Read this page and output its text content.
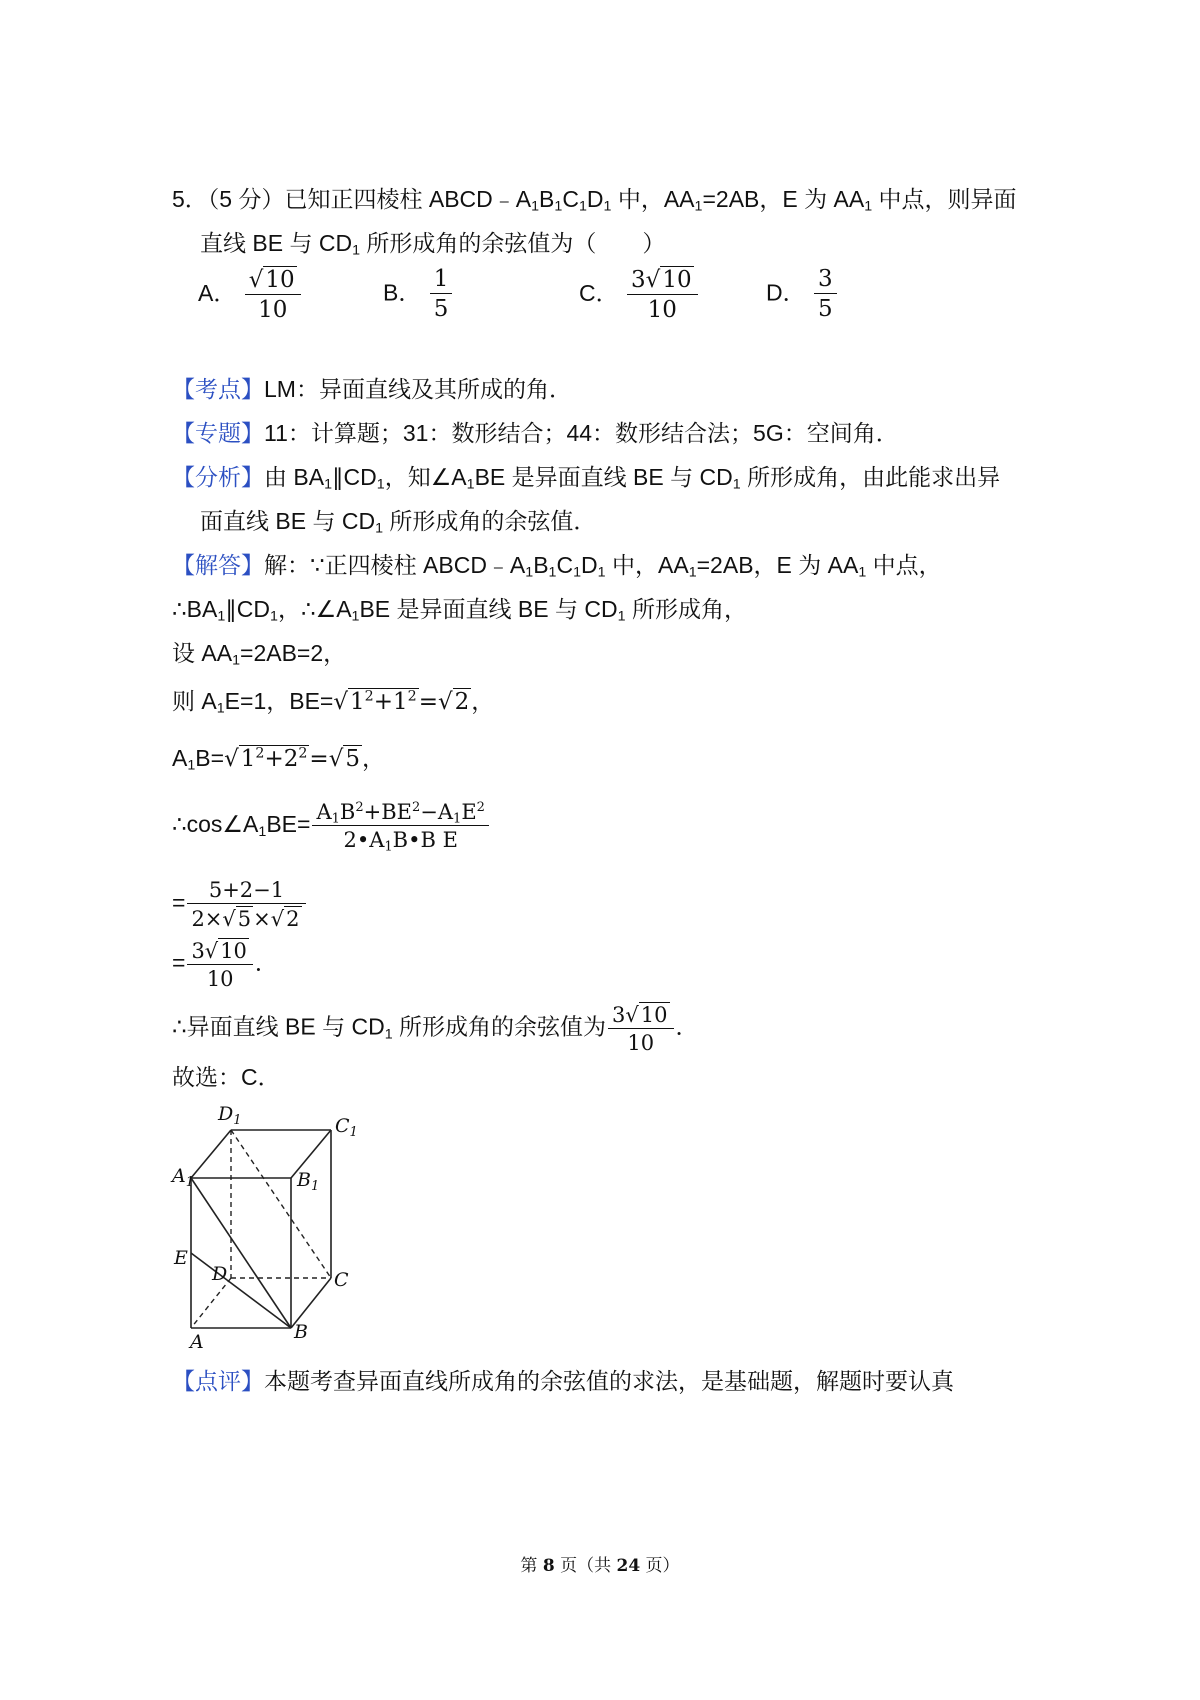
5．（5 分）已知正四棱柱 $ABCD﹣A_1B_1C_1D_1$ 中，$AA_1=2AB$，E 为 $AA_1$ 中点，则异面
直线 BE 与 $CD_1$ 所形成角的余弦值为（　　）
A． $\frac{√10}{10}$	B． $\frac{1}{5}$	C． $\frac{3√10}{10}$	D． $\frac{3}{5}$
【考点】LM：异面直线及其所成的角．
【专题】11：计算题；31：数形结合；44：数形结合法；5G：空间角．
【分析】由 $BA_1\parallel CD_1$，知$\angle A_1BE$ 是异面直线 BE 与 $CD_1$ 所形成角，由此能求出异
面直线 BE 与 $CD_1$ 所形成角的余弦值．
【解答】解：∵正四棱柱 $ABCD﹣A_1B_1C_1D_1$ 中，$AA_1=2AB$，E 为 $AA_1$ 中点，
$\therefore BA_1\parallel CD_1$，$\therefore\angle A_1BE$ 是异面直线 BE 与 $CD_1$ 所形成角，
设 $AA_1=2AB=2$，
则 $A_1E=1$，$BE=√1^2+1^2=√2$，
$A_1B=√1^2+2^2=√5$，
$\therefore\cos\angle A_1BE= \frac{A_1B^2+BE^2-A_1E^2}{2•A_1B•B E}$
= $\frac{5+2-1}{2\times√5\times√2}$
= $\frac{3√10}{10}$ ．
∴异面直线 BE 与 $CD_1$ 所形成角的余弦值为 $\frac{3√10}{10}$ ．
故选：C．
$D_1$	$C_1$
$A_1$	$B_1$
E
D	C
A	B
【点评】本题考查异面直线所成角的余弦值的求法，是基础题，解题时要认真
第 8 页（共 24 页）
